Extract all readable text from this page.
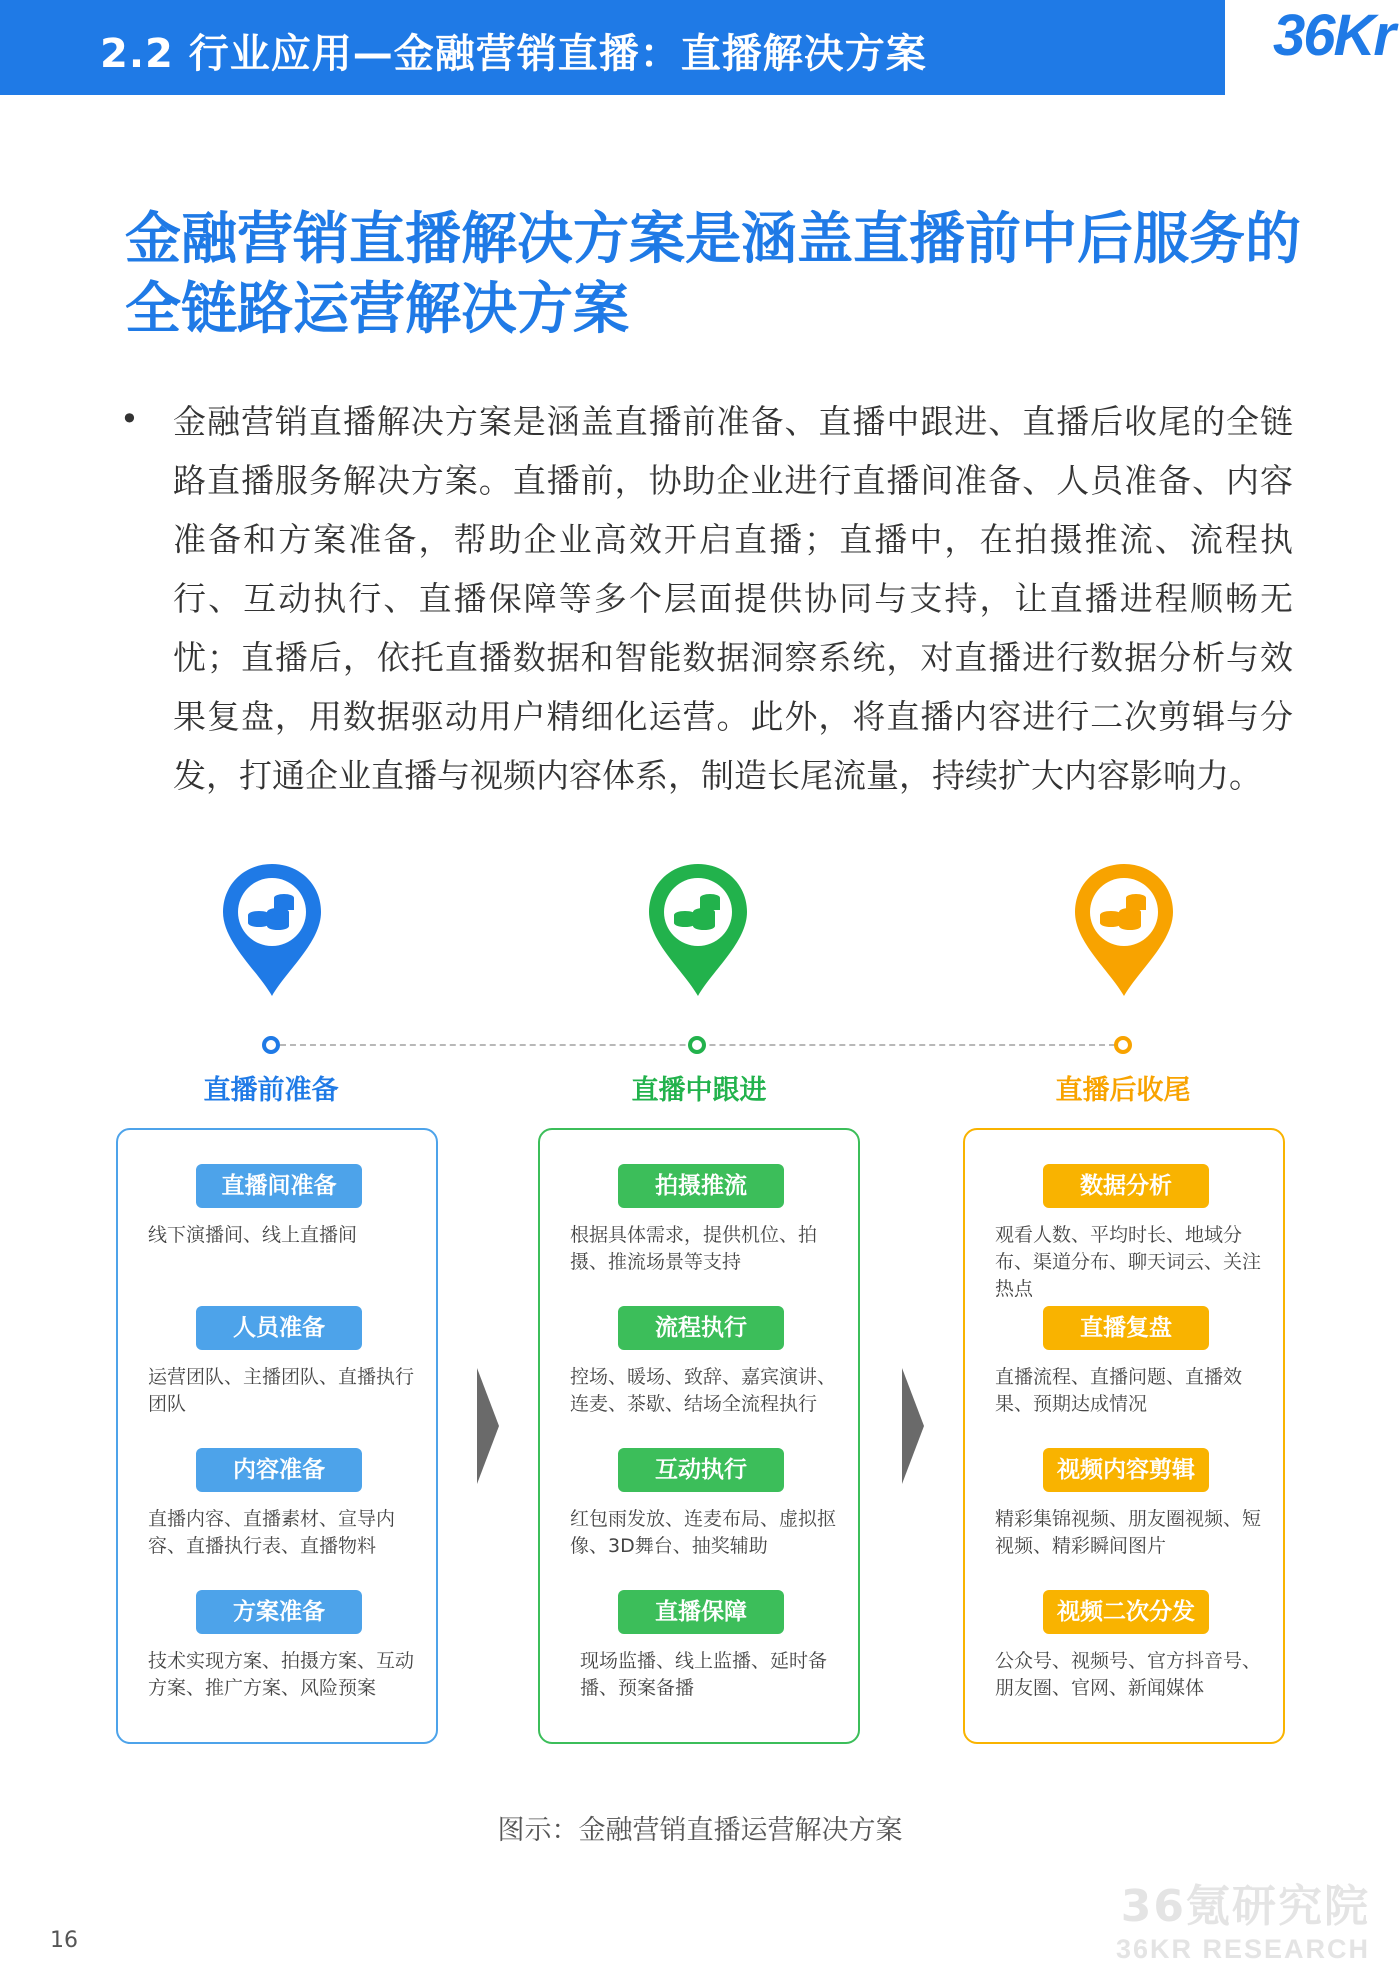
2.2 行业应用—金融营销直播：直播解决方案	36Kr
金融营销直播解决方案是涵盖直播前中后服务的全链路运营解决方案
• 金融营销直播解决方案是涵盖直播前准备、直播中跟进、直播后收尾的全链路直播服务解决方案。直播前，协助企业进行直播间准备、人员准备、内容准备和方案准备，帮助企业高效开启直播；直播中，在拍摄推流、流程执行、互动执行、直播保障等多个层面提供协同与支持，让直播进程顺畅无忧；直播后，依托直播数据和智能数据洞察系统，对直播进行数据分析与效果复盘，用数据驱动用户精细化运营。此外，将直播内容进行二次剪辑与分发，打通企业直播与视频内容体系，制造长尾流量，持续扩大内容影响力。
直播前准备	直播中跟进	直播后收尾
直播间准备
线下演播间、线上直播间
人员准备
运营团队、主播团队、直播执行团队
内容准备
直播内容、直播素材、宣导内容、直播执行表、直播物料
方案准备
技术实现方案、拍摄方案、互动方案、推广方案、风险预案
拍摄推流
根据具体需求，提供机位、拍摄、推流场景等支持
流程执行
控场、暖场、致辞、嘉宾演讲、连麦、茶歇、结场全流程执行
互动执行
红包雨发放、连麦布局、虚拟抠像、3D舞台、抽奖辅助
直播保障
现场监播、线上监播、延时备播、预案备播
数据分析
观看人数、平均时长、地域分布、渠道分布、聊天词云、关注热点
直播复盘
直播流程、直播问题、直播效果、预期达成情况
视频内容剪辑
精彩集锦视频、朋友圈视频、短视频、精彩瞬间图片
视频二次分发
公众号、视频号、官方抖音号、朋友圈、官网、新闻媒体
图示：金融营销直播运营解决方案
16
36氪研究院
36KR RESEARCH
